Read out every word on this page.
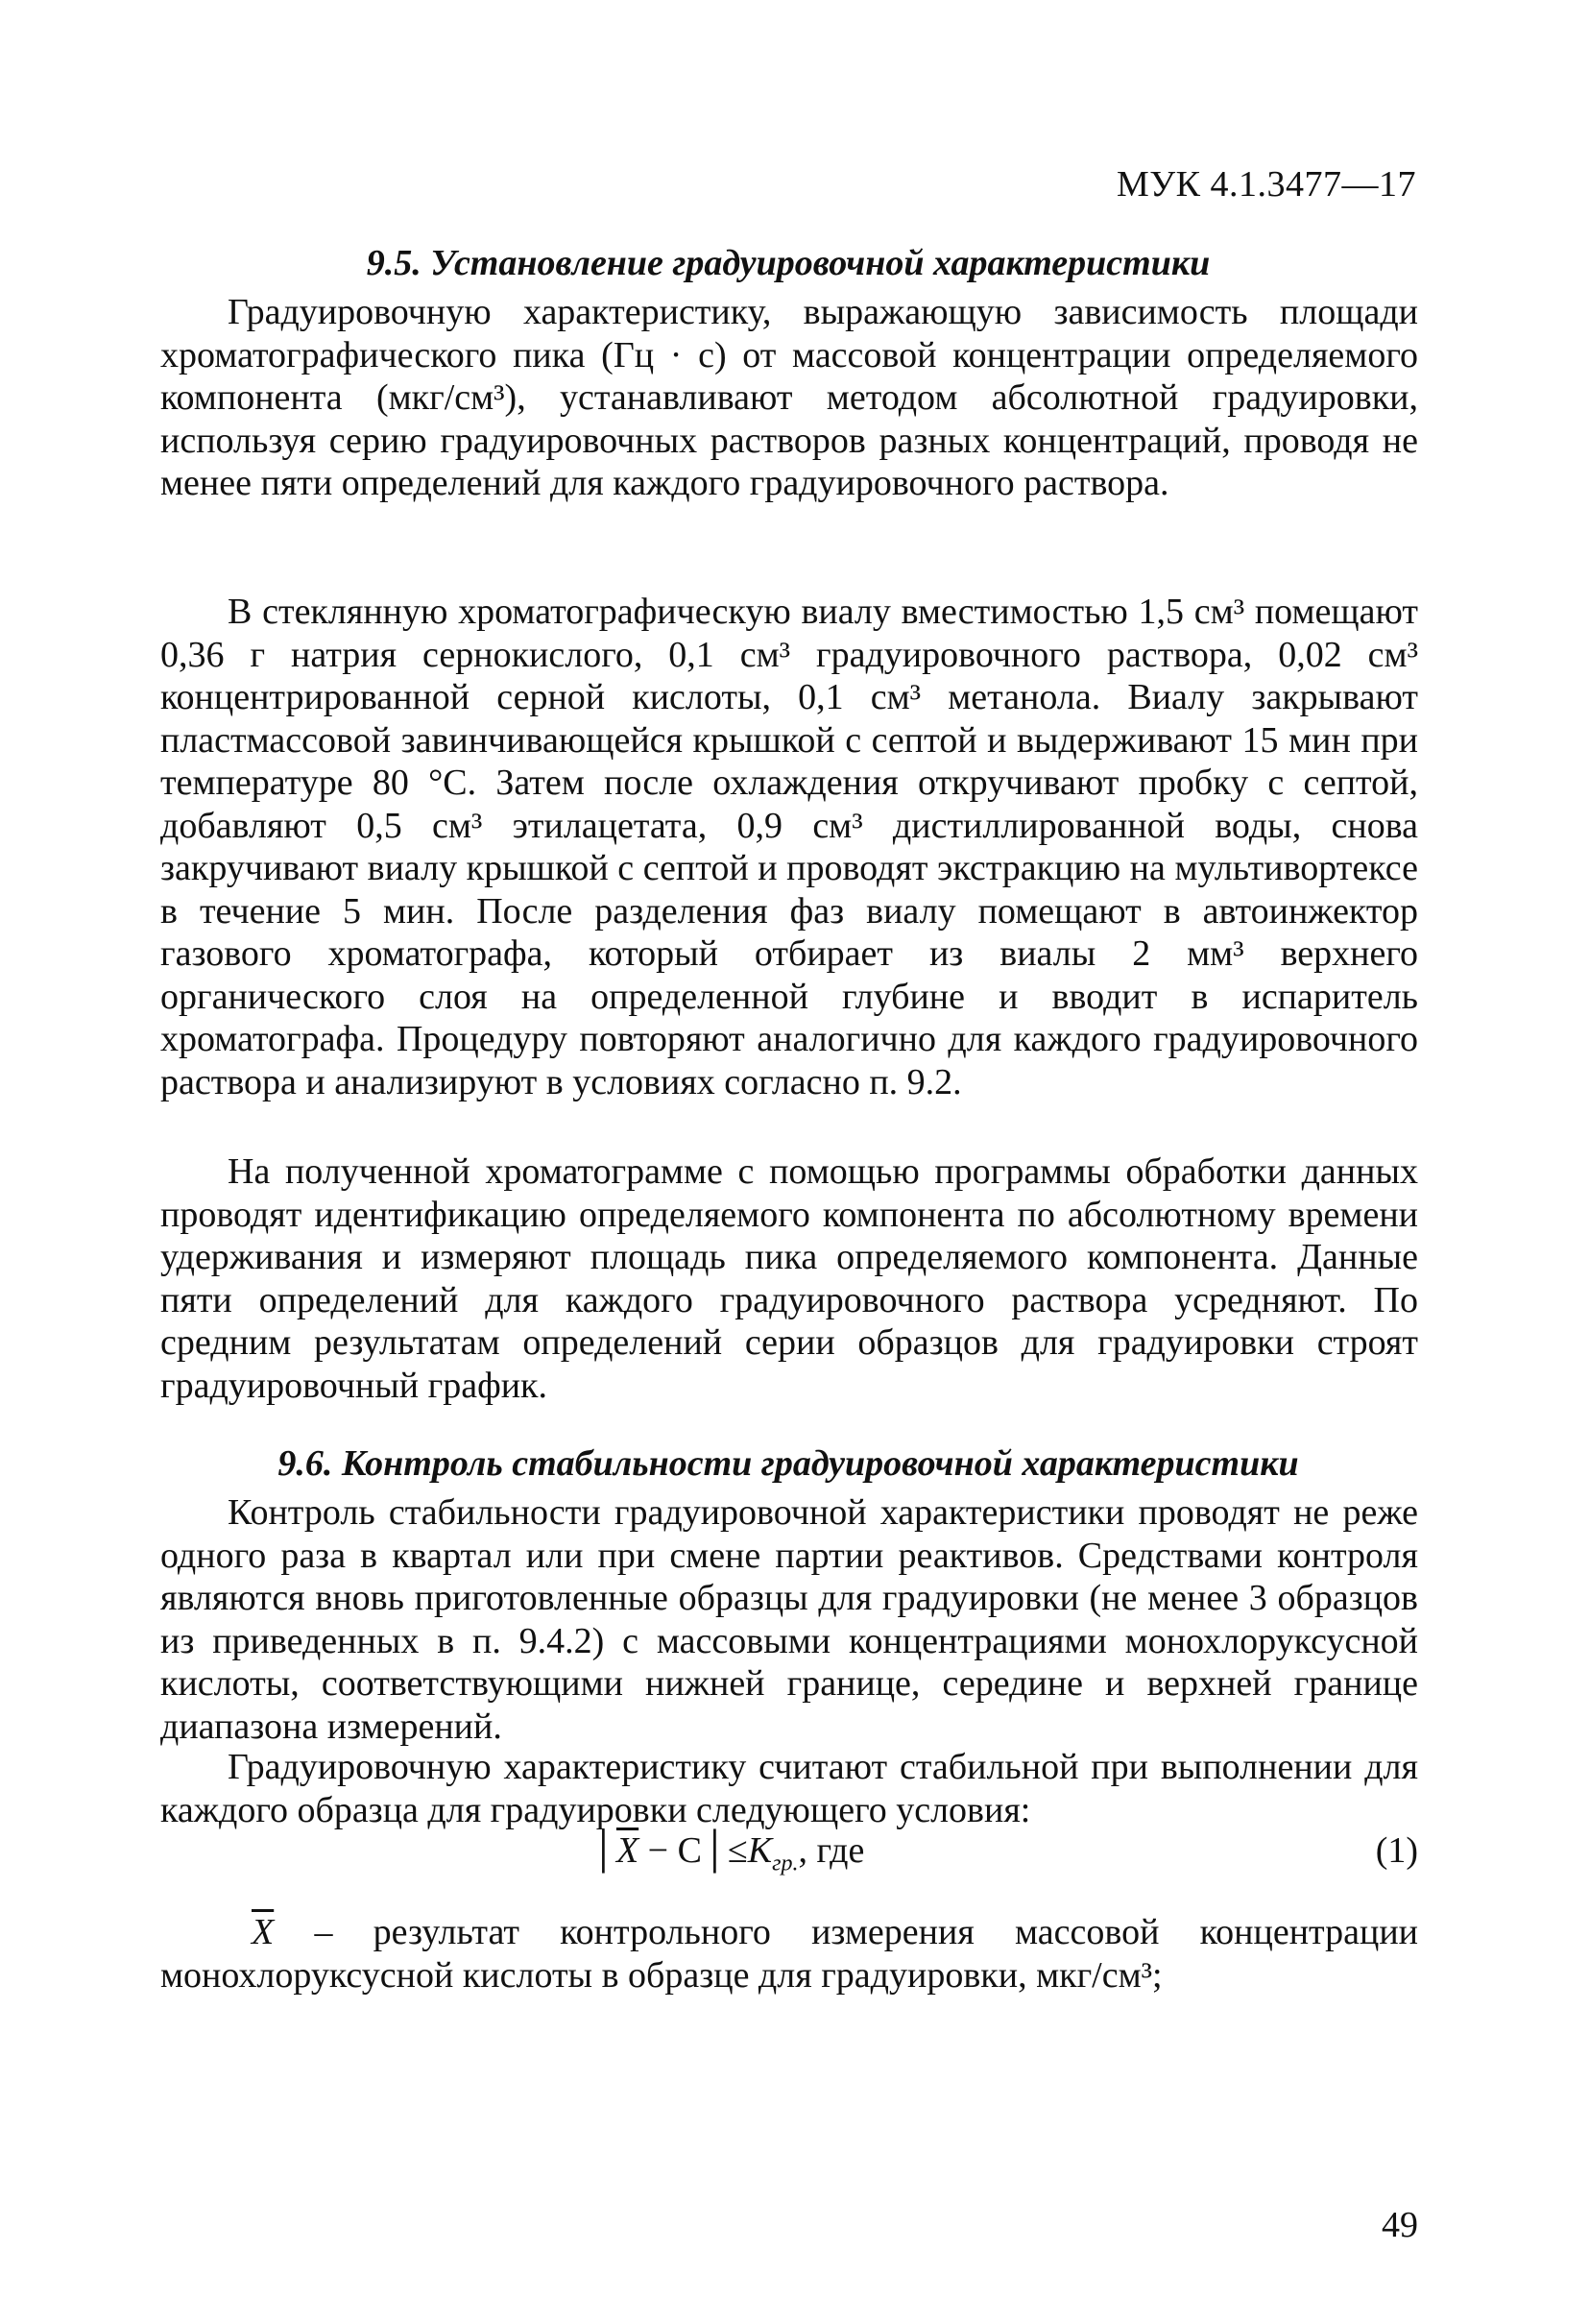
МУК 4.1.3477—17
9.5. Установление градуировочной характеристики

Градуировочную характеристику, выражающую зависимость площади хроматографического пика (Гц · с) от массовой концентрации определяемого компонента (мкг/см³), устанавливают методом абсолютной градуировки, используя серию градуировочных растворов разных концентраций, проводя не менее пяти определений для каждого градуировочного раствора.

В стеклянную хроматографическую виалу вместимостью 1,5 см³ помещают 0,36 г натрия сернокислого, 0,1 см³ градуировочного раствора, 0,02 см³ концентрированной серной кислоты, 0,1 см³ метанола. Виалу закрывают пластмассовой завинчивающейся крышкой с септой и выдерживают 15 мин при температуре 80 °С. Затем после охлаждения откручивают пробку с септой, добавляют 0,5 см³ этилацетата, 0,9 см³ дистиллированной воды, снова закручивают виалу крышкой с септой и проводят экстракцию на мультивортексе в течение 5 мин. После разделения фаз виалу помещают в автоинжектор газового хроматографа, который отбирает из виалы 2 мм³ верхнего органического слоя на определенной глубине и вводит в испаритель хроматографа. Процедуру повторяют аналогично для каждого градуировочного раствора и анализируют в условиях согласно п. 9.2.

На полученной хроматограмме с помощью программы обработки данных проводят идентификацию определяемого компонента по абсолютному времени удерживания и измеряют площадь пика определяемого компонента. Данные пяти определений для каждого градуировочного раствора усредняют. По средним результатам определений серии образцов для градуировки строят градуировочный график.

9.6. Контроль стабильности градуировочной характеристики

Контроль стабильности градуировочной характеристики проводят не реже одного раза в квартал или при смене партии реактивов. Средствами контроля являются вновь приготовленные образцы для градуировки (не менее 3 образцов из приведенных в п. 9.4.2) с массовыми концентрациями монохлоруксусной кислоты, соответствующими нижней границе, середине и верхней границе диапазона измерений.

Градуировочную характеристику считают стабильной при выполнении для каждого образца для градуировки следующего условия:

$│\overline{X}$ − $C│\le K_{гр.}$, где	(1)

$\overline{X}$ – результат контрольного измерения массовой концентрации монохлоруксусной кислоты в образце для градуировки, мкг/см³;

49
